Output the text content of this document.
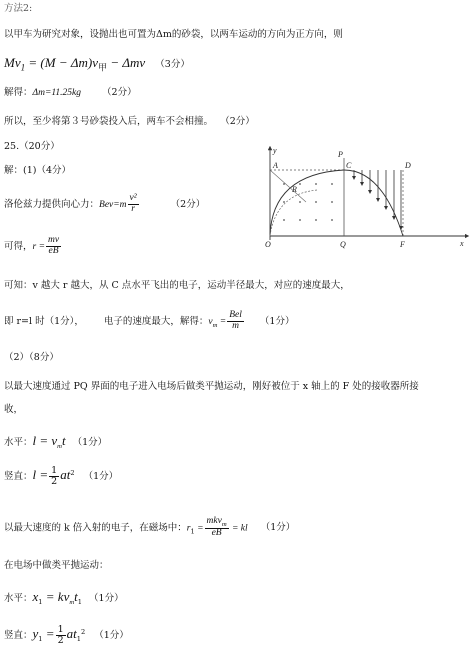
方法2:
以甲车为研究对象，设抛出也可置为Δm的砂袋，以两车运动的方向为正方向，则
$Mv_1 = (M - \Delta m)v_甲 - \Delta mv$ （3分）
解得：Δm=11.25kg （2分）
所以，至少将第３号砂袋投入后，两车不会相撞。 （2分）
25.（20分）
解：(1)（4分）
洛伦兹力提供向心力：$Bev=m \frac{\text{v²}}{r}$	（2分）
可得，$r = \frac{mv}{eB}$
可知：v 越大 r 越大，从 C 点水平飞出的电子，运动半径最大，对应的速度最大，
即 r=l 时（1分）， 电子的速度最大，解得：$v_m = \frac{\text{Bel}}{m} (1$分）
（2）（8分）
以最大速度通过 PQ 界面的电子进入电场后做类平抛运动，刚好被位于 x 轴上的 F 处的接收器所接
收，
水平：$l = v_mt$ （1分）
竖直：$l = \frac{1}{2} at^2$ （1分）
以最大速度的 k 倍入射的电子，在磁场中：$r_1 = \frac{mkv_m}{eB}$ = kl （1分）
在电场中做类平抛运动：
水平：$x_1 = kv_mt_1$ （1分）
竖直：$y_1 = \frac{1}{2} at_1^2$ （1分）
y
A
P
C	D
R
O	Q	F	x
